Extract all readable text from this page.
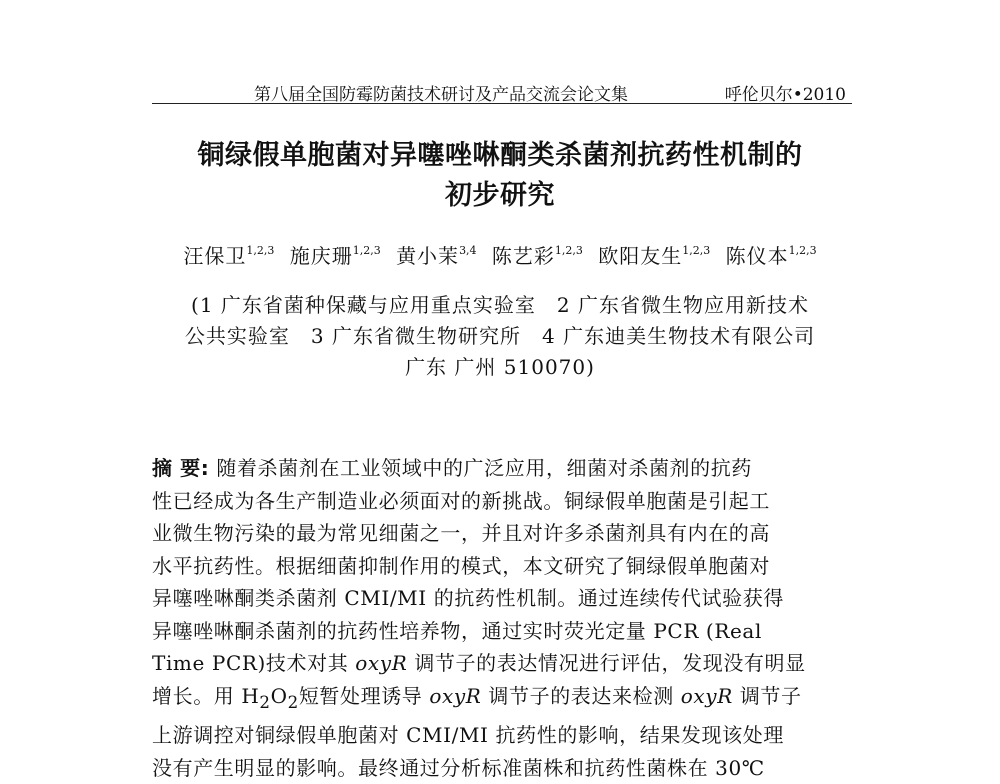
第八届全国防霉防菌技术研讨及产品交流会论文集	呼伦贝尔•2010
铜绿假单胞菌对异噻唑啉酮类杀菌剂抗药性机制的
初步研究
汪保卫$^{1,2,3}$ 施庆珊$^{1,2,3}$ 黄小茉$^{3,4}$ 陈艺彩$^{1,2,3}$ 欧阳友生$^{1,2,3}$ 陈仪本$^{1,2,3}$
(1 广东省菌种保藏与应用重点实验室　2 广东省微生物应用新技术
公共实验室　3 广东省微生物研究所　4 广东迪美生物技术有限公司
广东 广州 510070)
摘 要: 随着杀菌剂在工业领域中的广泛应用，细菌对杀菌剂的抗药
性已经成为各生产制造业必须面对的新挑战。铜绿假单胞菌是引起工
业微生物污染的最为常见细菌之一，并且对许多杀菌剂具有内在的高
水平抗药性。根据细菌抑制作用的模式，本文研究了铜绿假单胞菌对
异噻唑啉酮类杀菌剂 CMI/MI 的抗药性机制。通过连续传代试验获得
异噻唑啉酮杀菌剂的抗药性培养物，通过实时荧光定量 PCR (Real
Time PCR)技术对其 oxyR 调节子的表达情况进行评估，发现没有明显
增长。用 $H_2O_2$短暂处理诱导 oxyR 调节子的表达来检测 oxyR 调节子
上游调控对铜绿假单胞菌对 CMI/MI 抗药性的影响，结果发现该处理
没有产生明显的影响。最终通过分析标准菌株和抗药性菌株在 30℃
